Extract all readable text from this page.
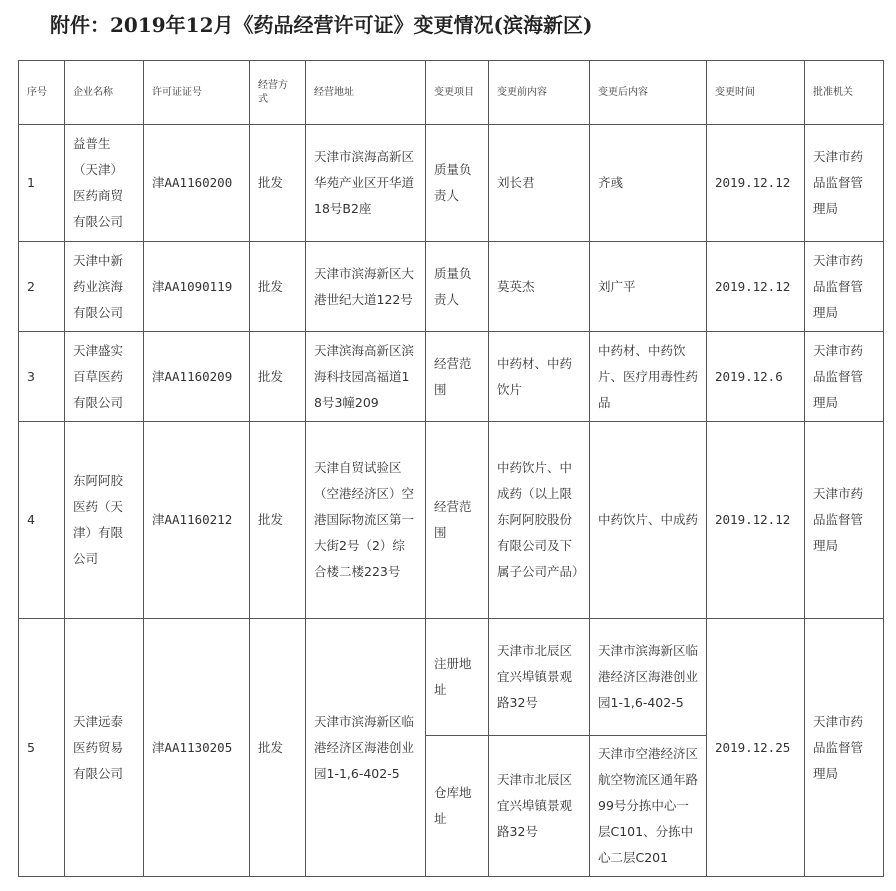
附件：2019年12月《药品经营许可证》变更情况(滨海新区)
序号	企业名称	许可证证号	经营方式	经营地址	变更项目	变更前内容	变更后内容	变更时间	批准机关
1	益普生（天津）医药商贸有限公司	津AA1160200	批发	天津市滨海高新区华苑产业区开华道18号B2座	质量负责人	刘长君	齐彧	2019.12.12	天津市药品监督管理局
2	天津中新药业滨海有限公司	津AA1090119	批发	天津市滨海新区大港世纪大道122号	质量负责人	莫英杰	刘广平	2019.12.12	天津市药品监督管理局
3	天津盛实百草医药有限公司	津AA1160209	批发	天津滨海高新区滨海科技园高福道18号3幢209	经营范围	中药材、中药饮片	中药材、中药饮片、医疗用毒性药品	2019.12.6	天津市药品监督管理局
4	东阿阿胶医药（天津）有限公司	津AA1160212	批发	天津自贸试验区（空港经济区）空港国际物流区第一大街2号（2）综合楼二楼223号	经营范围	中药饮片、中成药（以上限东阿阿胶股份有限公司及下属子公司产品）	中药饮片、中成药	2019.12.12	天津市药品监督管理局
5	天津远泰医药贸易有限公司	津AA1130205	批发	天津市滨海新区临港经济区海港创业园1-1,6-402-5	注册地址	天津市北辰区宜兴埠镇景观路32号	天津市滨海新区临港经济区海港创业园1-1,6-402-5	2019.12.25	天津市药品监督管理局
					仓库地址	天津市北辰区宜兴埠镇景观路32号	天津市空港经济区航空物流区通年路99号分拣中心一层C101、分拣中心二层C201		
